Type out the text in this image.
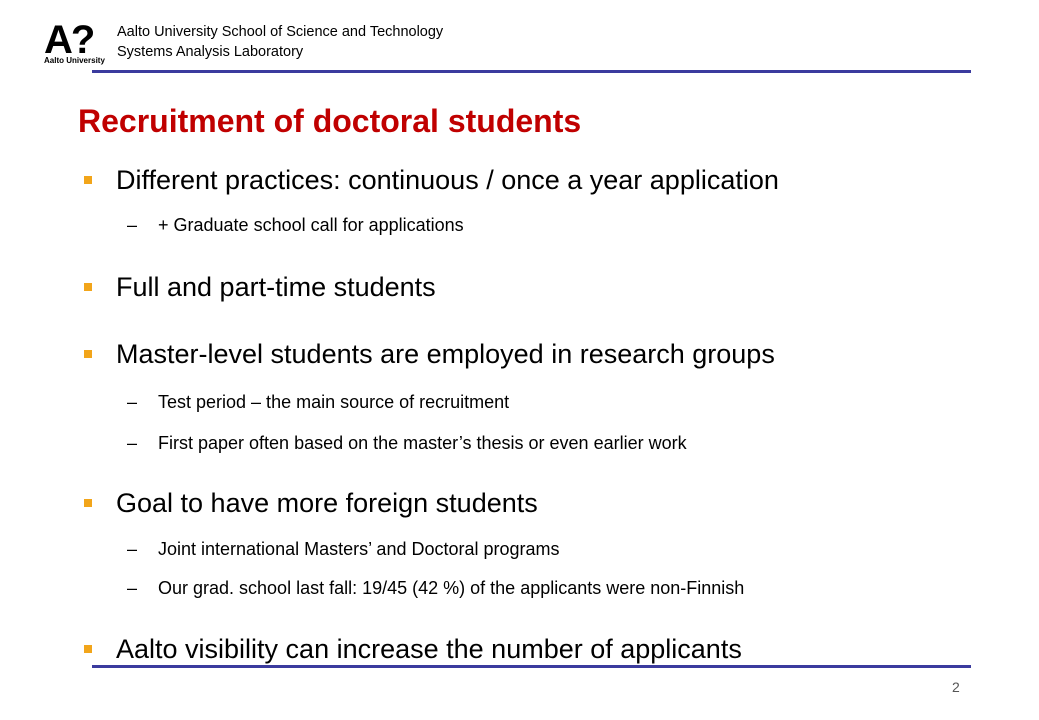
A?
Aalto University
Aalto University School of Science and Technology
Systems Analysis Laboratory
Recruitment of doctoral students
Different practices: continuous / once a year application
– + Graduate school call for applications
Full and part-time students
Master-level students are employed in research groups
– Test period – the main source of recruitment
– First paper often based on the master’s thesis or even earlier work
Goal to have more foreign students
– Joint international Masters’ and Doctoral programs
– Our grad. school last fall: 19/45 (42 %) of the applicants were non-Finnish
Aalto visibility can increase the number of applicants
2
